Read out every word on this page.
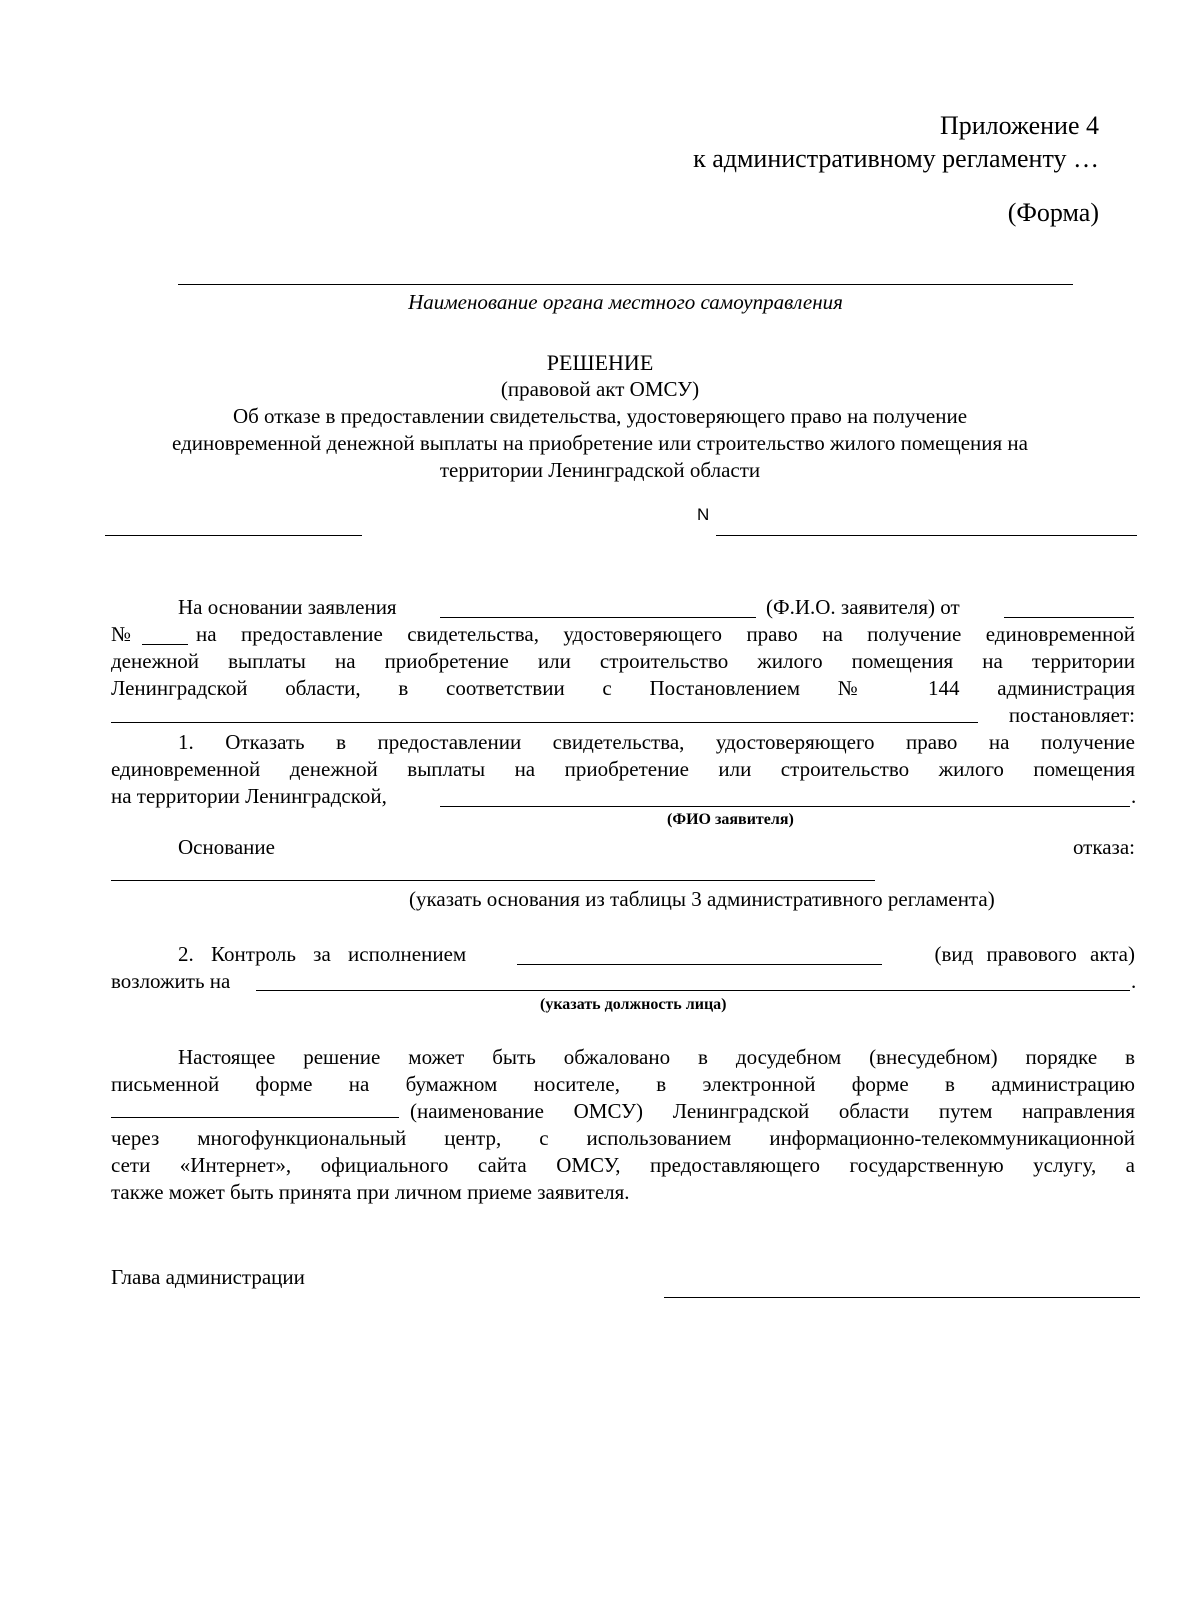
Приложение 4
к административному регламенту …
(Форма)
Наименование органа местного самоуправления
РЕШЕНИЕ
(правовой акт ОМСУ)
Об отказе в предоставлении свидетельства, удостоверяющего право на получение
единовременной денежной выплаты на приобретение или строительство жилого помещения на
территории Ленинградской области
N
На основании заявления	(Ф.И.О. заявителя) от
№	на предоставление свидетельства, удостоверяющего право на получение единовременной
денежной выплаты на приобретение или строительство жилого помещения на территории
Ленинградской области, в соответствии с Постановлением № 144 администрация
постановляет:
1. Отказать в предоставлении свидетельства, удостоверяющего право на получение
единовременной денежной выплаты на приобретение или строительство жилого помещения
на территории Ленинградской,	.
(ФИО заявителя)
Основание	отказа:
(указать основания из таблицы 3 административного регламента)
2. Контроль за исполнением	(вид правового акта)
возложить на	.
(указать должность лица)
Настоящее решение может быть обжаловано в досудебном (внесудебном) порядке в
письменной форме на бумажном носителе, в электронной форме в администрацию
(наименование ОМСУ) Ленинградской области путем направления
через многофункциональный центр, с использованием информационно-телекоммуникационной
сети «Интернет», официального сайта ОМСУ, предоставляющего государственную услугу, а
также может быть принята при личном приеме заявителя.
Глава администрации
